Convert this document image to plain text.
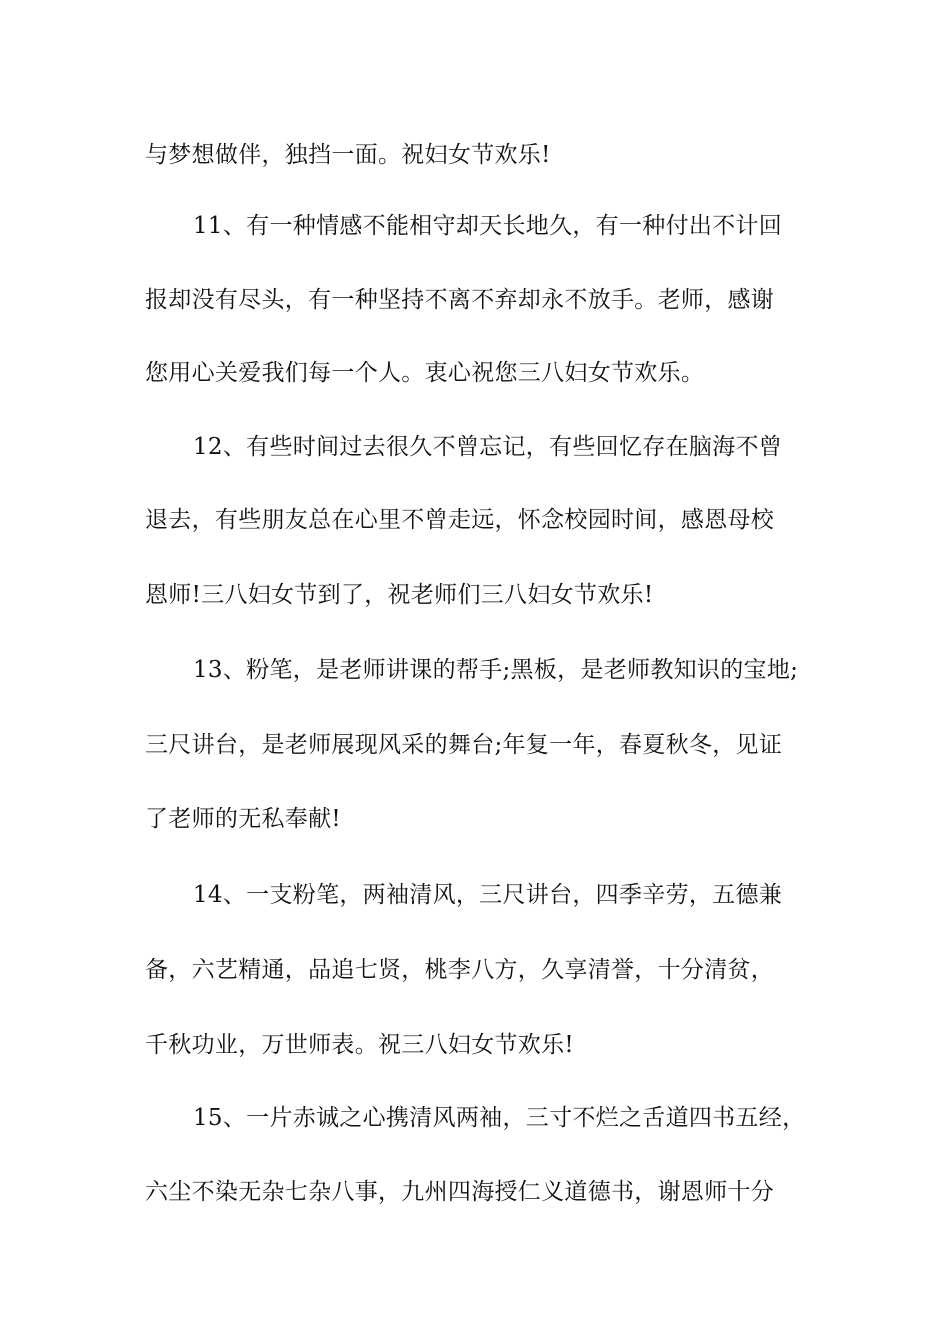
与梦想做伴，独挡一面。祝妇女节欢乐!
11、有一种情感不能相守却天长地久，有一种付出不计回
报却没有尽头，有一种坚持不离不弃却永不放手。老师，感谢
您用心关爱我们每一个人。衷心祝您三八妇女节欢乐。
12、有些时间过去很久不曾忘记，有些回忆存在脑海不曾
退去，有些朋友总在心里不曾走远，怀念校园时间，感恩母校
恩师!三八妇女节到了，祝老师们三八妇女节欢乐!
13、粉笔，是老师讲课的帮手;黑板，是老师教知识的宝地;
三尺讲台，是老师展现风采的舞台;年复一年，春夏秋冬，见证
了老师的无私奉献!
14、一支粉笔，两袖清风，三尺讲台，四季辛劳，五德兼
备，六艺精通，品追七贤，桃李八方，久享清誉，十分清贫，
千秋功业，万世师表。祝三八妇女节欢乐!
15、一片赤诚之心携清风两袖，三寸不烂之舌道四书五经，
六尘不染无杂七杂八事，九州四海授仁义道德书，谢恩师十分
